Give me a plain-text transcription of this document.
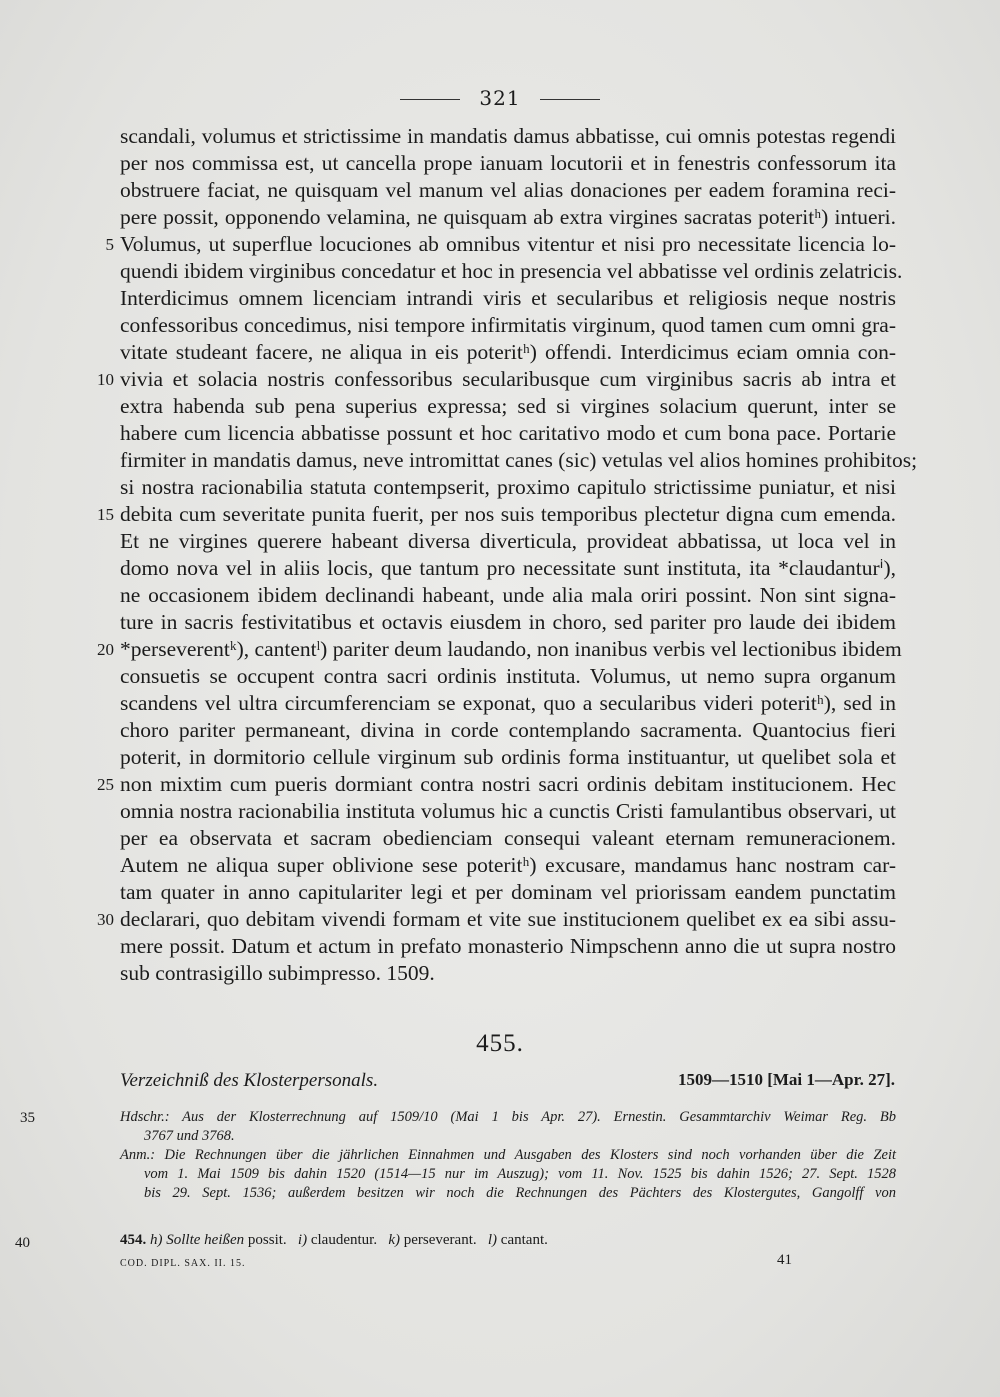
321
scandali, volumus et strictissime in mandatis damus abbatisse, cui omnis potestas regendi
per nos commissa est, ut cancella prope ianuam locutorii et in fenestris confessorum ita
obstruere faciat, ne quisquam vel manum vel alias donaciones per eadem foramina reci-
pere possit, opponendo velamina, ne quisquam ab extra virgines sacratas poteritʰ) intueri.
5 Volumus, ut superflue locuciones ab omnibus vitentur et nisi pro necessitate licencia lo-
quendi ibidem virginibus concedatur et hoc in presencia vel abbatisse vel ordinis zelatricis.
Interdicimus omnem licenciam intrandi viris et secularibus et religiosis neque nostris
confessoribus concedimus, nisi tempore infirmitatis virginum, quod tamen cum omni gra-
vitate studeant facere, ne aliqua in eis poteritʰ) offendi. Interdicimus eciam omnia con-
10 vivia et solacia nostris confessoribus secularibusque cum virginibus sacris ab intra et
extra habenda sub pena superius expressa; sed si virgines solacium querunt, inter se
habere cum licencia abbatisse possunt et hoc caritativo modo et cum bona pace. Portarie
firmiter in mandatis damus, neve intromittat canes (sic) vetulas vel alios homines prohibitos;
si nostra racionabilia statuta contempserit, proximo capitulo strictissime puniatur, et nisi
15 debita cum severitate punita fuerit, per nos suis temporibus plectetur digna cum emenda.
Et ne virgines querere habeant diversa diverticula, provideat abbatissa, ut loca vel in
domo nova vel in aliis locis, que tantum pro necessitate sunt instituta, ita *claudanturⁱ),
ne occasionem ibidem declinandi habeant, unde alia mala oriri possint. Non sint signa-
ture in sacris festivitatibus et octavis eiusdem in choro, sed pariter pro laude dei ibidem
20 *perseverentᵏ), cantentˡ) pariter deum laudando, non inanibus verbis vel lectionibus ibidem
consuetis se occupent contra sacri ordinis instituta. Volumus, ut nemo supra organum
scandens vel ultra circumferenciam se exponat, quo a secularibus videri poteritʰ), sed in
choro pariter permaneant, divina in corde contemplando sacramenta. Quantocius fieri
poterit, in dormitorio cellule virginum sub ordinis forma instituantur, ut quelibet sola et
25 non mixtim cum pueris dormiant contra nostri sacri ordinis debitam institucionem. Hec
omnia nostra racionabilia instituta volumus hic a cunctis Cristi famulantibus observari, ut
per ea observata et sacram obedienciam consequi valeant eternam remuneracionem.
Autem ne aliqua super oblivione sese poteritʰ) excusare, mandamus hanc nostram car-
tam quater in anno capitulariter legi et per dominam vel priorissam eandem punctatim
30 declarari, quo debitam vivendi formam et vite sue institucionem quelibet ex ea sibi assu-
mere possit. Datum et actum in prefato monasterio Nimpschenn anno die ut supra nostro
sub contrasigillo subimpresso. 1509.
455.
Verzeichniß des Klosterpersonals.	1509—1510 [Mai 1—Apr. 27].
35	Hdschr.: Aus der Klosterrechnung auf 1509/10 (Mai 1 bis Apr. 27). Ernestin. Gesammtarchiv Weimar Reg. Bb
3767 und 3768.
Anm.: Die Rechnungen über die jährlichen Einnahmen und Ausgaben des Klosters sind noch vorhanden über die Zeit
vom 1. Mai 1509 bis dahin 1520 (1514—15 nur im Auszug); vom 11. Nov. 1525 bis dahin 1526; 27. Sept. 1528
bis 29. Sept. 1536; außerdem besitzen wir noch die Rechnungen des Pächters des Klostergutes, Gangolff von
40	454. h) Sollte heißen possit. i) claudentur. k) perseverant. l) cantant.
COD. DIPL. SAX. II. 15.	41
